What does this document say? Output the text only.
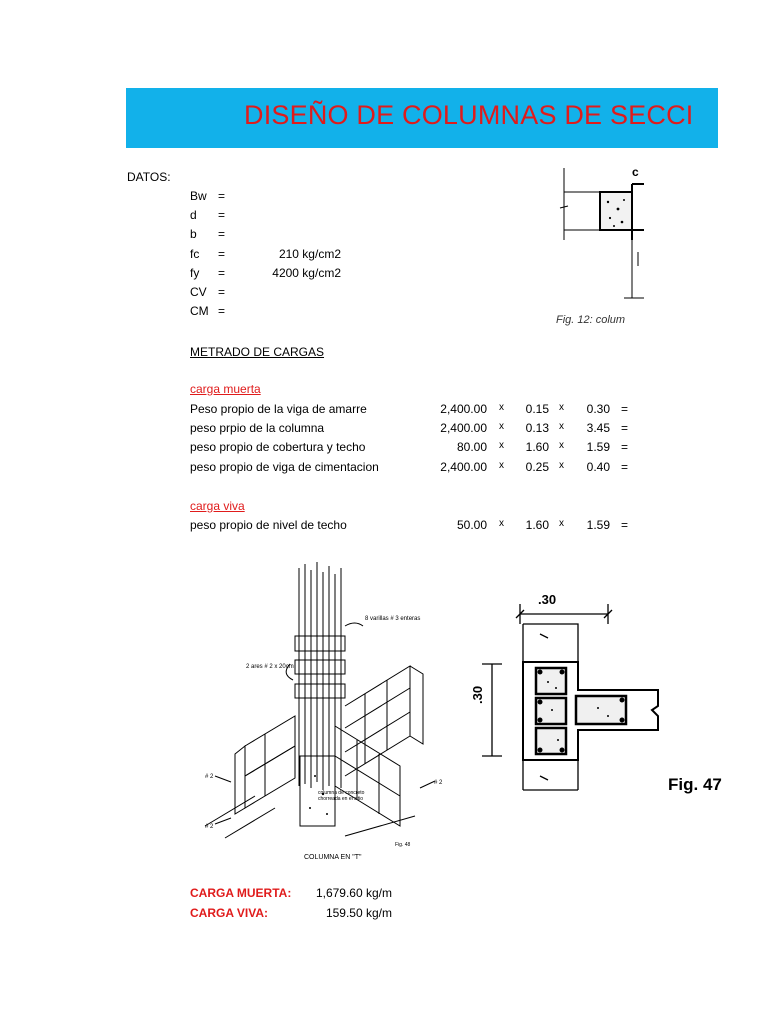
DISEÑO DE COLUMNAS DE SECCI
DATOS:
Bw =
d =
b =
fc =	210 kg/cm2
fy =	4200 kg/cm2
CV =
CM =
c
Fig. 12: colum
METRADO DE CARGAS
carga muerta
Peso propio de la viga de amarre	2,400.00 x	0.15 x	0.30 =
peso prpio de la columna	2,400.00 x	0.13 x	3.45 =
peso propio de cobertura y techo	80.00 x	1.60 x	1.59 =
peso propio de viga de cimentacion	2,400.00 x	0.25 x	0.40 =
carga viva
peso propio de nivel de techo	50.00 x	1.60 x	1.59 =
8 varillas # 3 enteras
2 ares # 2 x 20cm
columna de concreto chorreada en el sitio
# 2
# 2
# 2
Fig. 48
COLUMNA EN "T"
.30
.30
Fig. 47
CARGA MUERTA:	1,679.60 kg/m
CARGA VIVA:	159.50 kg/m
